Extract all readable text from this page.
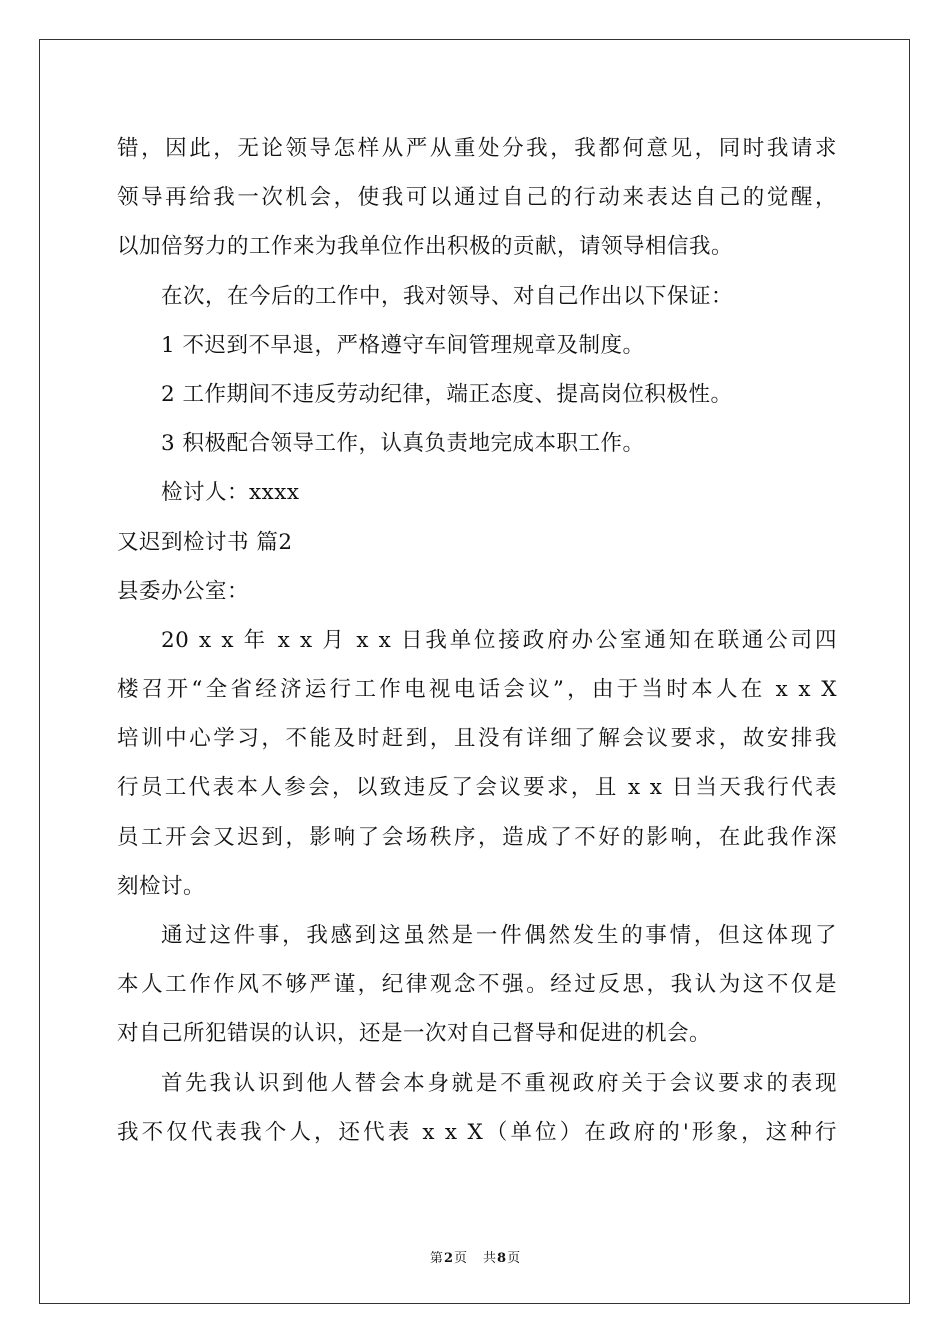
错，因此，无论领导怎样从严从重处分我，我都何意见，同时我请求
领导再给我一次机会，使我可以通过自己的行动来表达自己的觉醒，
以加倍努力的工作来为我单位作出积极的贡献，请领导相信我。
在次，在今后的工作中，我对领导、对自己作出以下保证：
1 不迟到不早退，严格遵守车间管理规章及制度。
2 工作期间不违反劳动纪律，端正态度、提高岗位积极性。
3 积极配合领导工作，认真负责地完成本职工作。
检讨人：xxxx
又迟到检讨书 篇2
县委办公室：
20 x x 年 x x 月 x x 日我单位接政府办公室通知在联通公司四
楼召开“全省经济运行工作电视电话会议”，由于当时本人在 x x X
培训中心学习，不能及时赶到，且没有详细了解会议要求，故安排我
行员工代表本人参会，以致违反了会议要求，且 x x 日当天我行代表
员工开会又迟到，影响了会场秩序，造成了不好的影响，在此我作深
刻检讨。
通过这件事，我感到这虽然是一件偶然发生的事情，但这体现了
本人工作作风不够严谨，纪律观念不强。经过反思，我认为这不仅是
对自己所犯错误的认识，还是一次对自己督导和促进的机会。
首先我认识到他人替会本身就是不重视政府关于会议要求的表现
我不仅代表我个人，还代表 x x X（单位）在政府的'形象，这种行
第2页 共8页
